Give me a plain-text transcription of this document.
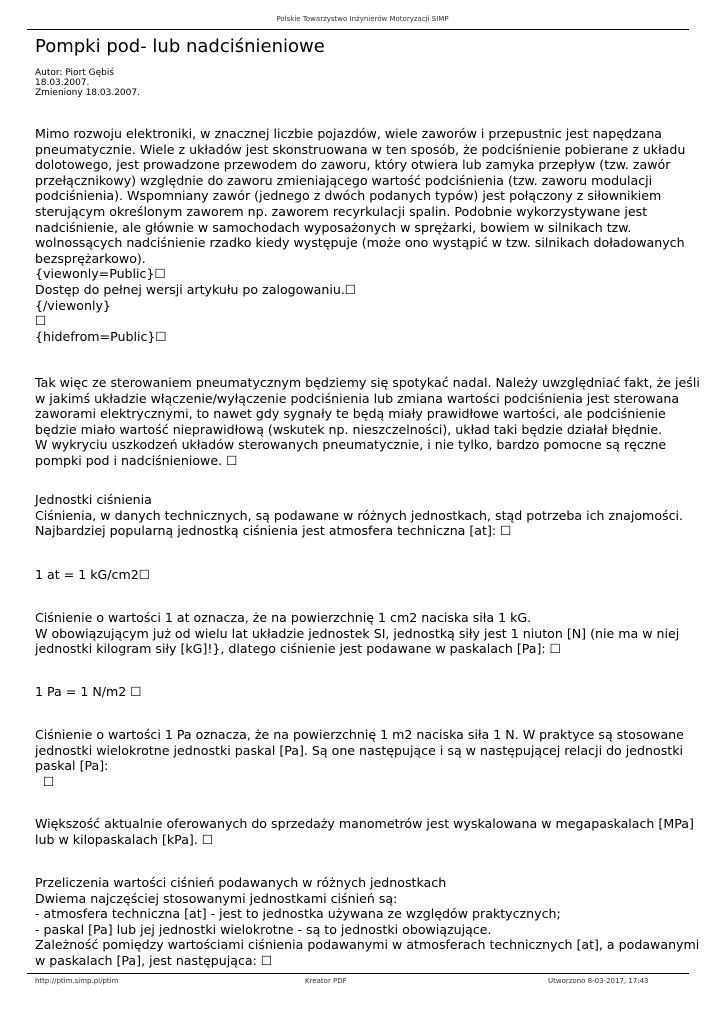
Polskie Towarzystwo Inżynierów Motoryzacji SIMP
Pompki pod- lub nadciśnieniowe
Autor: Piort Gębiś
18.03.2007.
Zmieniony 18.03.2007.
Mimo rozwoju elektroniki, w znacznej liczbie pojazdów, wiele zaworów i przepustnic jest napędzana
pneumatycznie. Wiele z układów jest skonstruowana w ten sposób, że podciśnienie pobierane z układu
dolotowego, jest prowadzone przewodem do zaworu, który otwiera lub zamyka przepływ (tzw. zawór
przełącznikowy) względnie do zaworu zmieniającego wartość podciśnienia (tzw. zaworu modulacji
podciśnienia). Wspomniany zawór (jednego z dwóch podanych typów) jest połączony z siłownikiem
sterującym określonym zaworem np. zaworem recyrkulacji spalin. Podobnie wykorzystywane jest
nadciśnienie, ale głównie w samochodach wyposażonych w sprężarki, bowiem w silnikach tzw.
wolnossących nadciśnienie rzadko kiedy występuje (może ono wystąpić w tzw. silnikach doładowanych
bezsprężarkowo).
{viewonly=Public}☐
Dostęp do pełnej wersji artykułu po zalogowaniu.☐
{/viewonly}
☐
{hidefrom=Public}☐
Tak więc ze sterowaniem pneumatycznym będziemy się spotykać nadal. Należy uwzględniać fakt, że jeśli
w jakimś układzie włączenie/wyłączenie podciśnienia lub zmiana wartości podciśnienia jest sterowana
zaworami elektrycznymi, to nawet gdy sygnały te będą miały prawidłowe wartości, ale podciśnienie
będzie miało wartość nieprawidłową (wskutek np. nieszczelności), układ taki będzie działał błędnie.
W wykryciu uszkodzeń układów sterowanych pneumatycznie, i nie tylko, bardzo pomocne są ręczne
pompki pod i nadciśnieniowe. ☐
Jednostki ciśnienia
Ciśnienia, w danych technicznych, są podawane w różnych jednostkach, stąd potrzeba ich znajomości.
Najbardziej popularną jednostką ciśnienia jest atmosfera techniczna [at]: ☐
1 at = 1 kG/cm2☐
Ciśnienie o wartości 1 at oznacza, że na powierzchnię 1 cm2 naciska siła 1 kG.
W obowiązującym już od wielu lat układzie jednostek SI, jednostką siły jest 1 niuton [N] (nie ma w niej
jednostki kilogram siły [kG]!}, dlatego ciśnienie jest podawane w paskalach [Pa]: ☐
1 Pa = 1 N/m2 ☐
Ciśnienie o wartości 1 Pa oznacza, że na powierzchnię 1 m2 naciska siła 1 N. W praktyce są stosowane
jednostki wielokrotne jednostki paskal [Pa]. Są one następujące i są w następującej relacji do jednostki
paskal [Pa]:
☐
Większość aktualnie oferowanych do sprzedaży manometrów jest wyskalowana w megapaskalach [MPa]
lub w kilopaskalach [kPa]. ☐
Przeliczenia wartości ciśnień podawanych w różnych jednostkach
Dwiema najczęściej stosowanymi jednostkami ciśnień są:
- atmosfera techniczna [at] - jest to jednostka używana ze względów praktycznych;
- paskal [Pa] lub jej jednostki wielokrotne - są to jednostki obowiązujące.
Zależność pomiędzy wartościami ciśnienia podawanymi w atmosferach technicznych [at], a podawanymi
w paskalach [Pa], jest następująca: ☐
http://ptim.simp.pl/ptim	Kreator PDF	Utworzono 8-03-2017, 17:43
